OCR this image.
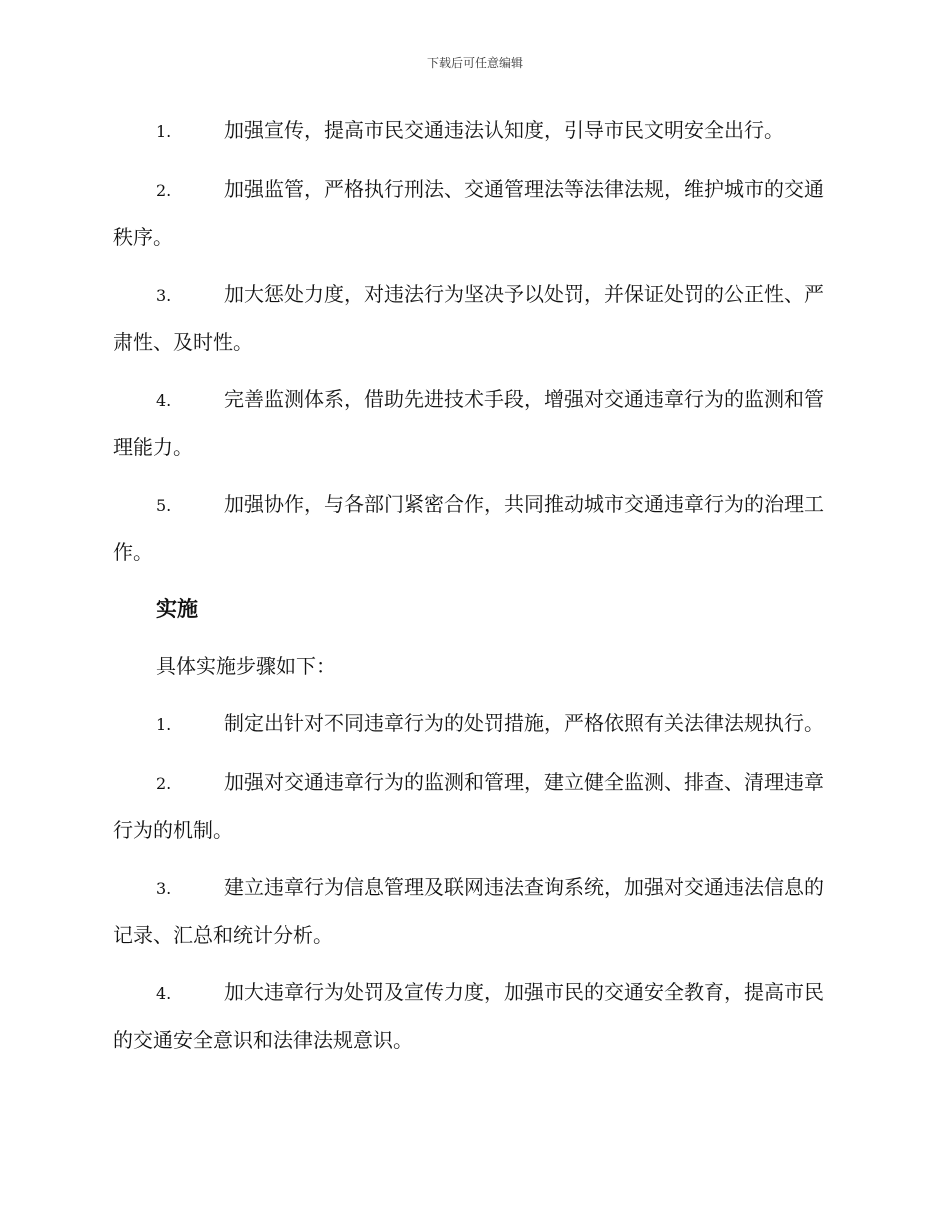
下载后可任意编辑
1.	加强宣传，提高市民交通违法认知度，引导市民文明安全出行。
2.	加强监管，严格执行刑法、交通管理法等法律法规，维护城市的交通秩序。
3.	加大惩处力度，对违法行为坚决予以处罚，并保证处罚的公正性、严肃性、及时性。
4.	完善监测体系，借助先进技术手段，增强对交通违章行为的监测和管理能力。
5.	加强协作，与各部门紧密合作，共同推动城市交通违章行为的治理工作。
实施
具体实施步骤如下：
1.	制定出针对不同违章行为的处罚措施，严格依照有关法律法规执行。
2.	加强对交通违章行为的监测和管理，建立健全监测、排查、清理违章行为的机制。
3.	建立违章行为信息管理及联网违法查询系统，加强对交通违法信息的记录、汇总和统计分析。
4.	加大违章行为处罚及宣传力度，加强市民的交通安全教育，提高市民的交通安全意识和法律法规意识。
